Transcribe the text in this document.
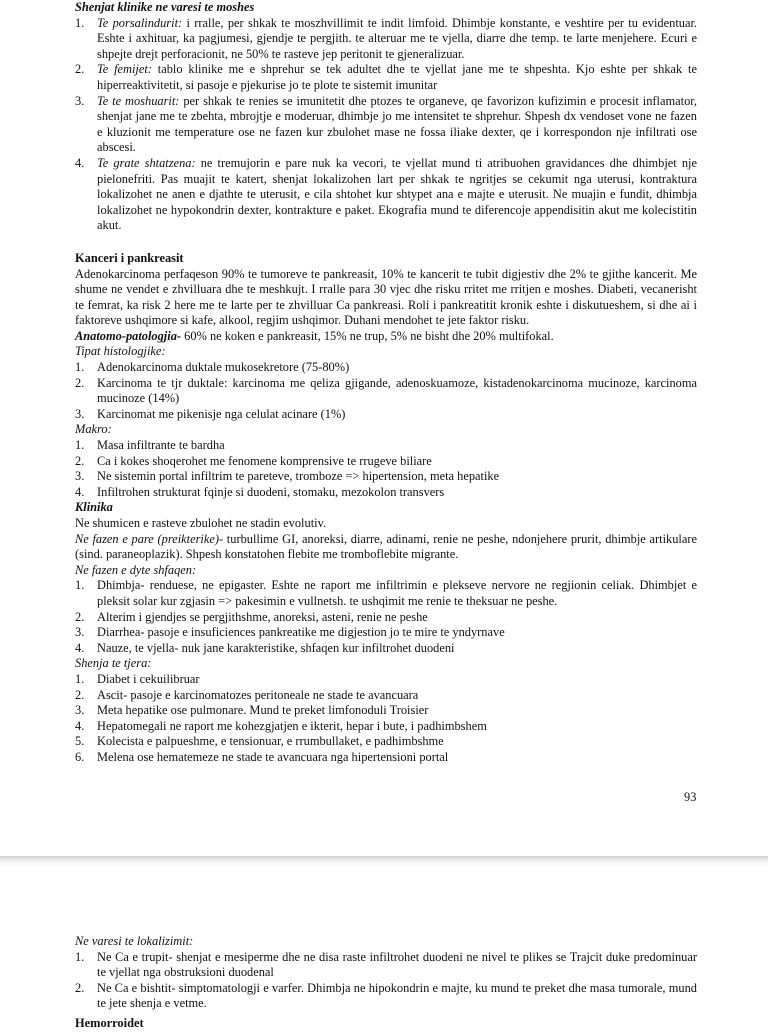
Shenjat klinike ne varesi te moshes

1. Te porsalindurit: i rralle, per shkak te moszhvillimit te indit limfoid. Dhimbje konstante, e veshtire per tu evidentuar. Eshte i axhituar, ka pagjumesi, gjendje te pergjith. te alteruar me te vjella, diarre dhe temp. te larte menjehere. Ecuri e shpejte drejt perforacionit, ne 50% te rasteve jep peritonit te gjeneralizuar.
2. Te femijet: tablo klinike me e shprehur se tek adultet dhe te vjellat jane me te shpeshta. Kjo eshte per shkak te hiperreaktivitetit, si pasoje e pjekurise jo te plote te sistemit imunitar
3. Te te moshuarit: per shkak te renies se imunitetit dhe ptozes te organeve, qe favorizon kufizimin e procesit inflamator, shenjat jane me te zbehta, mbrojtje e moderuar, dhimbje jo me intensitet te shprehur. Shpesh dx vendoset vone ne fazen e kluzionit me temperature ose ne fazen kur zbulohet mase ne fossa iliake dexter, qe i korrespondon nje infiltrati ose abscesi.
4. Te grate shtatzena: ne tremujorin e pare nuk ka vecori, te vjellat mund ti atribuohen gravidances dhe dhimbjet nje pielonefriti. Pas muajit te katert, shenjat lokalizohen lart per shkak te ngritjes se cekumit nga uterusi, kontraktura lokalizohet ne anen e djathte te uterusit, e cila shtohet kur shtypet ana e majte e uterusit. Ne muajin e fundit, dhimbja lokalizohet ne hypokondrin dexter, kontrakture e paket. Ekografia mund te diferencoje appendisitin akut me kolecistitin akut.

Kanceri i pankreasit

Adenokarcinoma perfaqeson 90% te tumoreve te pankreasit, 10% te kancerit te tubit digjestiv dhe 2% te gjithe kancerit. Me shume ne vendet e zhvilluara dhe te meshkujt. I rralle para 30 vjec dhe risku rritet me rritjen e moshes. Diabeti, vecanerisht te femrat, ka risk 2 here me te larte per te zhvilluar Ca pankreasi. Roli i pankreatitit kronik eshte i diskutueshem, si dhe ai i faktoreve ushqimore si kafe, alkool, regjim ushqimor. Duhani mendohet te jete faktor risku.

Anatomo-patologjia- 60% ne koken e pankreasit, 15% ne trup, 5% ne bisht dhe 20% multifokal.

Tipat histologjike:

1. Adenokarcinoma duktale mukosekretore (75-80%)
2. Karcinoma te tjr duktale: karcinoma me qeliza gjigande, adenoskuamoze, kistadenokarcinoma mucinoze, karcinoma mucinoze (14%)
3. Karcinomat me pikenisje nga celulat acinare (1%)

Makro:

1. Masa infiltrante te bardha
2. Ca i kokes shoqerohet me fenomene komprensive te rrugeve biliare
3. Ne sistemin portal infiltrim te pareteve, tromboze => hipertension, meta hepatike
4. Infiltrohen strukturat fqinje si duodeni, stomaku, mezokolon transvers

Klinika

Ne shumicen e rasteve zbulohet ne stadin evolutiv.

Ne fazen e pare (preikterike)- turbullime GI, anoreksi, diarre, adinami, renie ne peshe, ndonjehere prurit, dhimbje artikulare (sind. paraneoplazik). Shpesh konstatohen flebite me tromboflebite migrante.

Ne fazen e dyte shfaqen:

1. Dhimbja- renduese, ne epigaster. Eshte ne raport me infiltrimin e plekseve nervore ne regjionin celiak. Dhimbjet e pleksit solar kur zgjasin => pakesimin e vullnetsh. te ushqimit me renie te theksuar ne peshe.
2. Alterim i gjendjes se pergjithshme, anoreksi, asteni, renie ne peshe
3. Diarrhea- pasoje e insuficiences pankreatike me digjestion jo te mire te yndyrnave
4. Nauze, te vjella- nuk jane karakteristike, shfaqen kur infiltrohet duodeni

Shenja te tjera:

1. Diabet i cekuilibruar
2. Ascit- pasoje e karcinomatozes peritoneale ne stade te avancuara
3. Meta hepatike ose pulmonare. Mund te preket limfonoduli Troisier
4. Hepatomegali ne raport me kohezgjatjen e ikterit, hepar i bute, i padhimbshem
5. Kolecista e palpueshme, e tensionuar, e rrumbullaket, e padhimbshme
6. Melena ose hematemeze ne stade te avancuara nga hipertensioni portal
93

Ne varesi te lokalizimit:

1. Ne Ca e trupit- shenjat e mesiperme dhe ne disa raste infiltrohet duodeni ne nivel te plikes se Trajcit duke predominuar te vjellat nga obstruksioni duodenal
2. Ne Ca e bishtit- simptomatologji e varfer. Dhimbja ne hipokondrin e majte, ku mund te preket dhe masa tumorale, mund te jete shenja e vetme.
Hemorroidet
